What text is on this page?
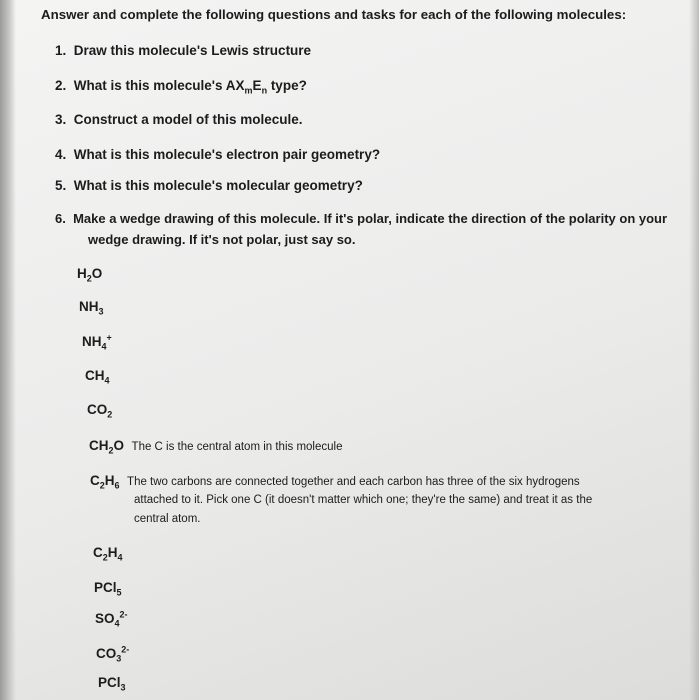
Answer and complete the following questions and tasks for each of the following molecules:
1. Draw this molecule's Lewis structure
2. What is this molecule's $AX_mE_n$ type?
3. Construct a model of this molecule.
4. What is this molecule's electron pair geometry?
5. What is this molecule's molecular geometry?
6. Make a wedge drawing of this molecule. If it's polar, indicate the direction of the polarity on your
wedge drawing. If it's not polar, just say so.
$H_2O$
$NH_3$
$NH_4^+$
$CH_4$
$CO_2$
$CH_2O$ The C is the central atom in this molecule
$C_2H_6$ The two carbons are connected together and each carbon has three of the six hydrogens
attached to it. Pick one C (it doesn't matter which one; they're the same) and treat it as the
central atom.
$C_2H_4$
PCl$_5$
$SO_4^{2-}$
$CO_3^{2-}$
PCl$_3$
